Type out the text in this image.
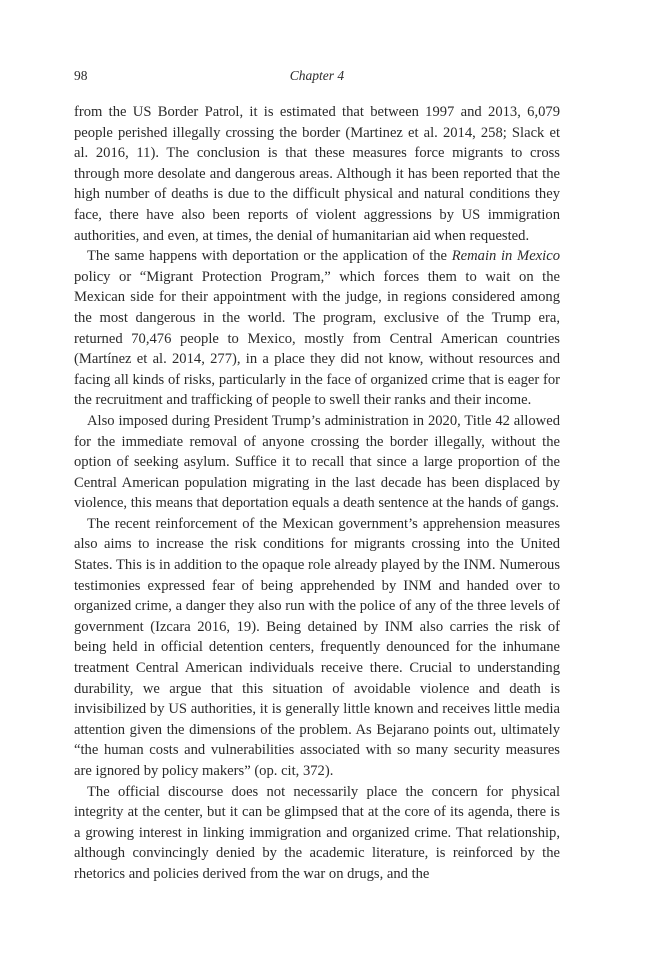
98	Chapter 4

from the US Border Patrol, it is estimated that between 1997 and 2013, 6,079 people perished illegally crossing the border (Martinez et al. 2014, 258; Slack et al. 2016, 11). The conclusion is that these measures force migrants to cross through more desolate and dangerous areas. Although it has been reported that the high number of deaths is due to the difficult physical and natural conditions they face, there have also been reports of violent aggressions by US immigration authorities, and even, at times, the denial of humanitarian aid when requested.

The same happens with deportation or the application of the Remain in Mexico policy or “Migrant Protection Program,” which forces them to wait on the Mexican side for their appointment with the judge, in regions considered among the most dangerous in the world. The program, exclusive of the Trump era, returned 70,476 people to Mexico, mostly from Central American countries (Martínez et al. 2014, 277), in a place they did not know, without resources and facing all kinds of risks, particularly in the face of organized crime that is eager for the recruitment and trafficking of people to swell their ranks and their income.

Also imposed during President Trump’s administration in 2020, Title 42 allowed for the immediate removal of anyone crossing the border illegally, without the option of seeking asylum. Suffice it to recall that since a large proportion of the Central American population migrating in the last decade has been displaced by violence, this means that deportation equals a death sentence at the hands of gangs.

The recent reinforcement of the Mexican government’s apprehension measures also aims to increase the risk conditions for migrants crossing into the United States. This is in addition to the opaque role already played by the INM. Numerous testimonies expressed fear of being apprehended by INM and handed over to organized crime, a danger they also run with the police of any of the three levels of government (Izcara 2016, 19). Being detained by INM also carries the risk of being held in official detention centers, frequently denounced for the inhumane treatment Central American individuals receive there. Crucial to understanding durability, we argue that this situation of avoidable violence and death is invisibilized by US authorities, it is generally little known and receives little media attention given the dimensions of the problem. As Bejarano points out, ultimately “the human costs and vulnerabilities associated with so many security measures are ignored by policy makers” (op. cit, 372).

The official discourse does not necessarily place the concern for physical integrity at the center, but it can be glimpsed that at the core of its agenda, there is a growing interest in linking immigration and organized crime. That relationship, although convincingly denied by the academic literature, is reinforced by the rhetorics and policies derived from the war on drugs, and the
